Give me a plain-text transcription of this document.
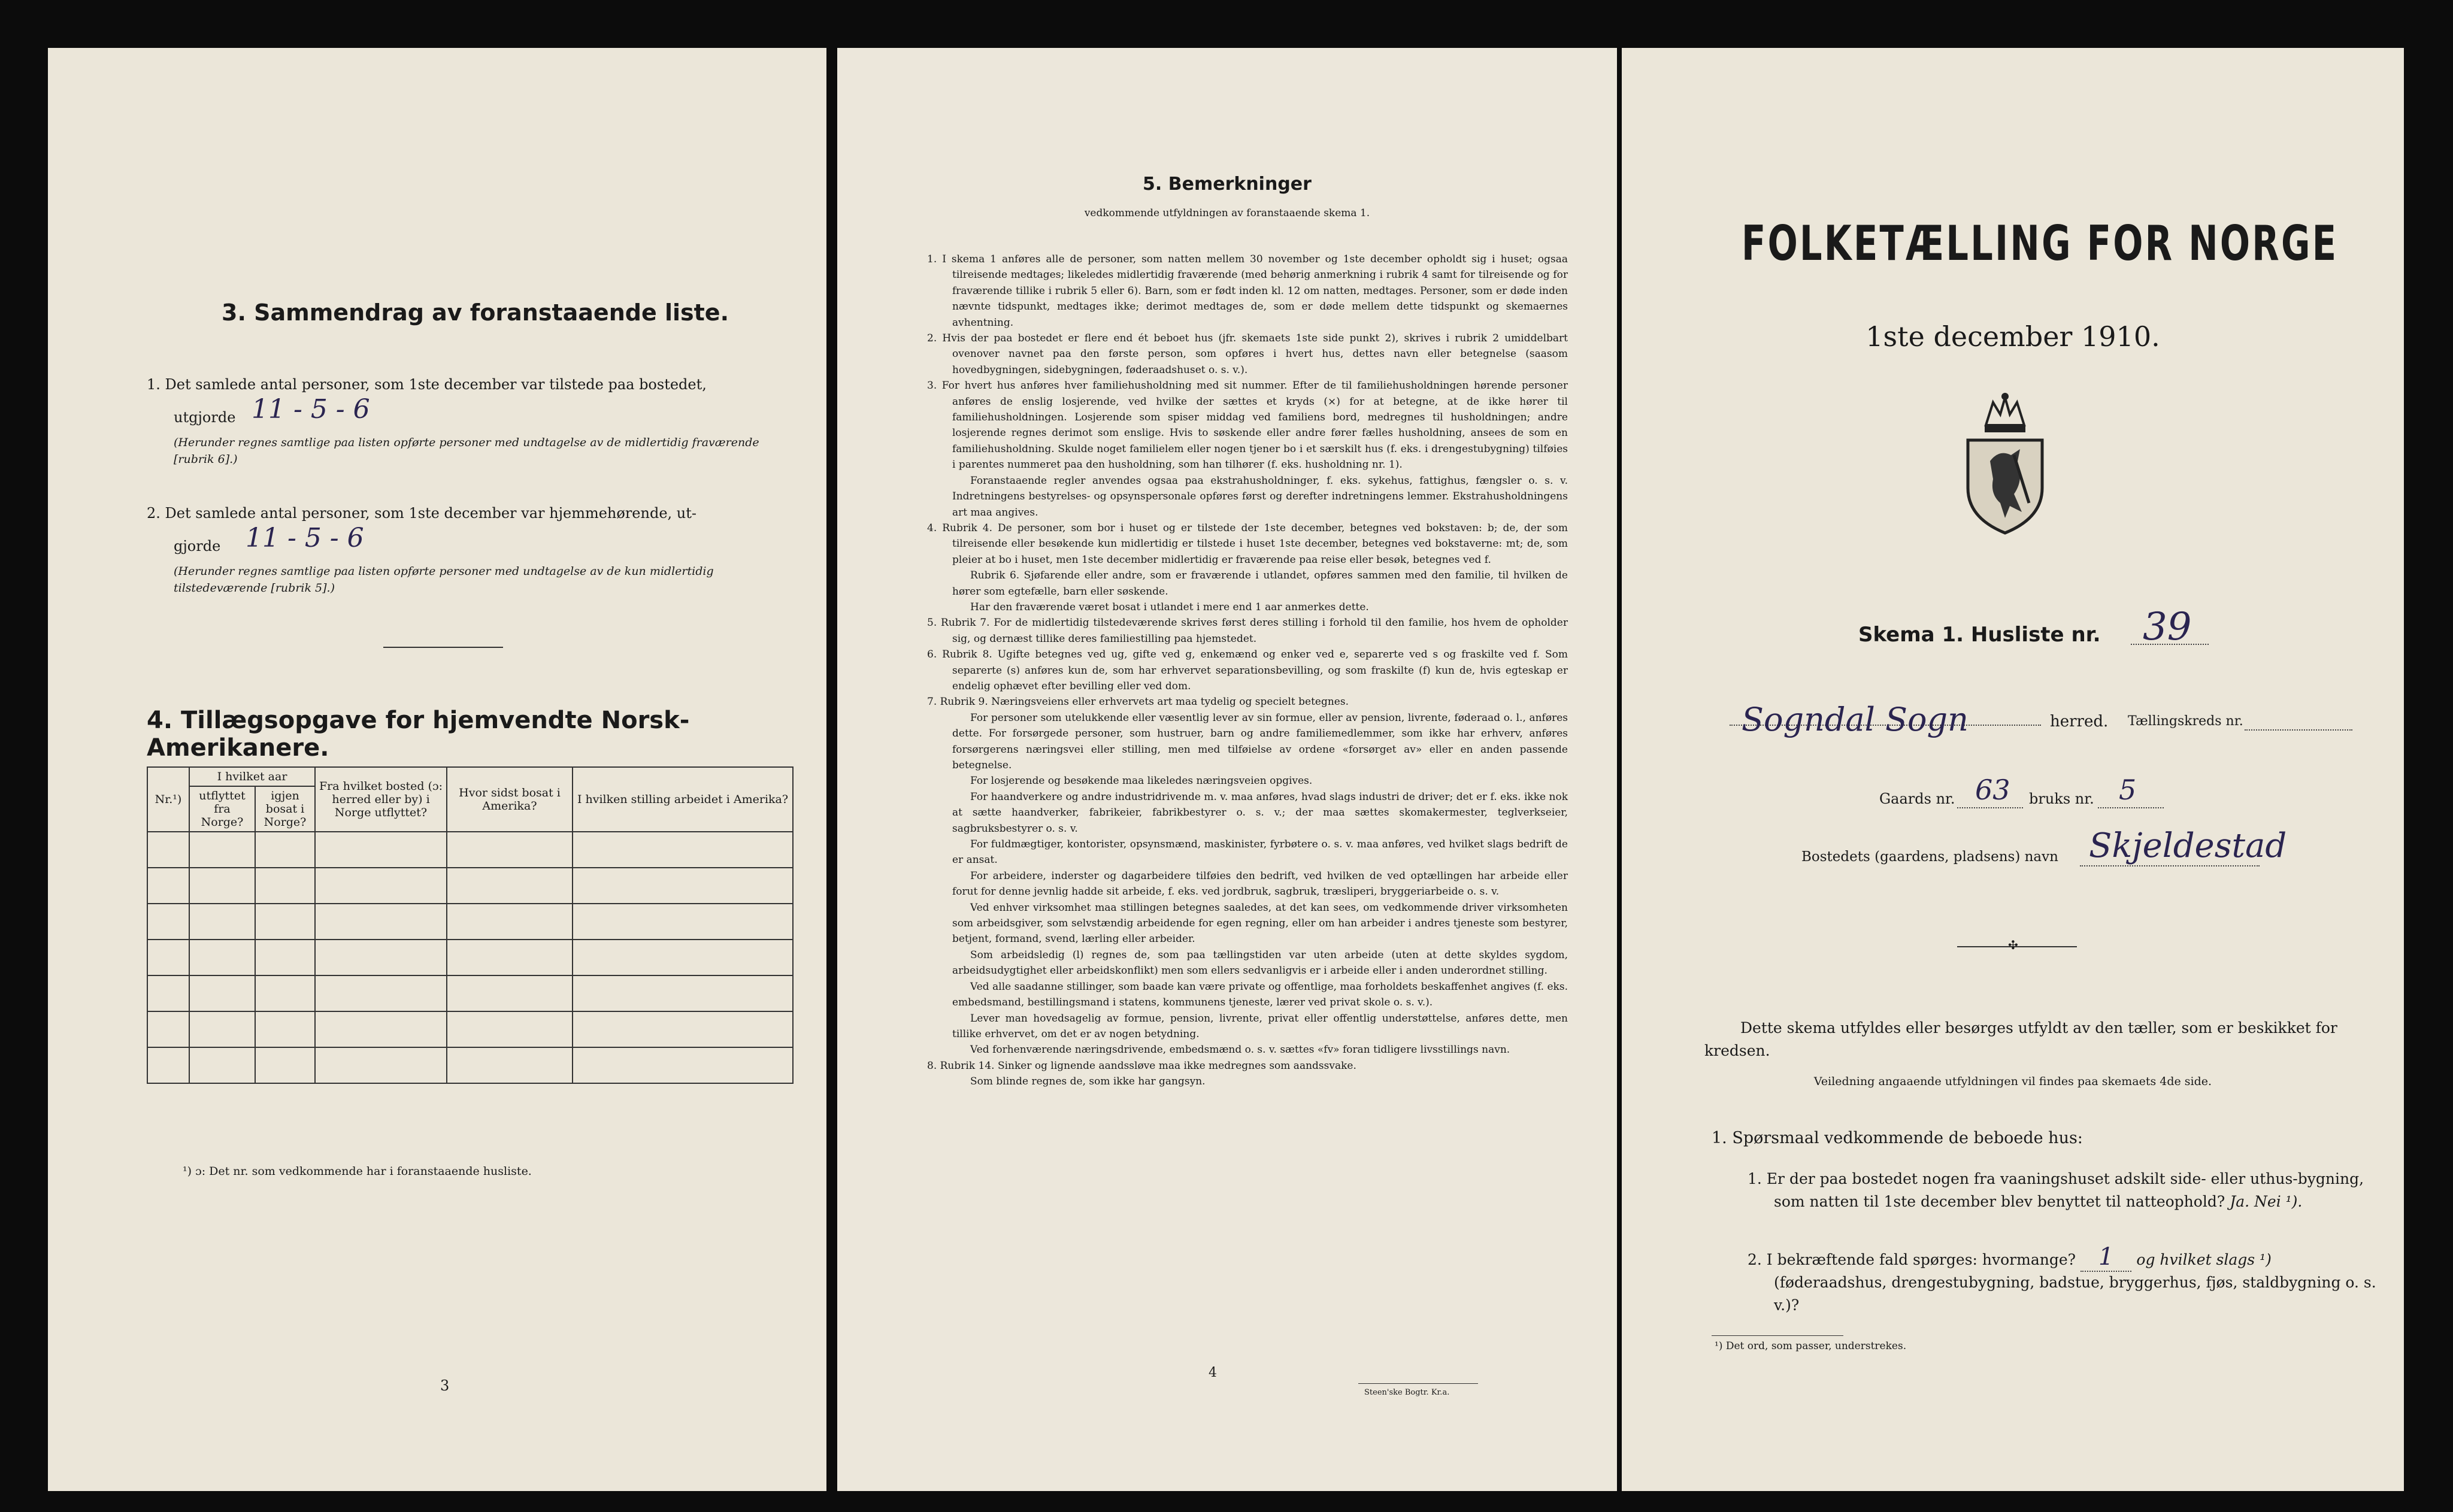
3. Sammendrag av foranstaaende liste.
1. Det samlede antal personer, som 1ste december var tilstede paa bostedet,
utgjorde 11 - 5 - 6
(Herunder regnes samtlige paa listen opførte personer med undtagelse av de midlertidig fraværende [rubrik 6].)
2. Det samlede antal personer, som 1ste december var hjemmehørende, ut-
gjorde 11 - 5 - 6
(Herunder regnes samtlige paa listen opførte personer med undtagelse av de kun midlertidig tilstedeværende [rubrik 5].)
4. Tillægsopgave for hjemvendte Norsk-Amerikanere.
Nr.¹)	I hvilket aar		Fra hvilket bosted (ɔ: herred eller by) i Norge utflyttet?	Hvor sidst bosat i Amerika?	I hvilken stilling arbeidet i Amerika?
	utflyttet fra Norge?	igjen bosat i Norge?			

¹) ɔ: Det nr. som vedkommende har i foranstaaende husliste.
3
5. Bemerkninger
vedkommende utfyldningen av foranstaaende skema 1.

1. I skema 1 anføres alle de personer, som natten mellem 30 november og 1ste december opholdt sig i huset; ogsaa tilreisende medtages; likeledes midlertidig fraværende (med behørig anmerkning i rubrik 4 samt for tilreisende og for fraværende tillike i rubrik 5 eller 6). Barn, som er født inden kl. 12 om natten, medtages. Personer, som er døde inden nævnte tidspunkt, medtages ikke; derimot medtages de, som er døde mellem dette tidspunkt og skemaernes avhentning.

2. Hvis der paa bostedet er flere end ét beboet hus (jfr. skemaets 1ste side punkt 2), skrives i rubrik 2 umiddelbart ovenover navnet paa den første person, som opføres i hvert hus, dettes navn eller betegnelse (saasom hovedbygningen, sidebygningen, føderaadshuset o. s. v.).

3. For hvert hus anføres hver familiehusholdning med sit nummer. Efter de til familiehusholdningen hørende personer anføres de enslig losjerende, ved hvilke der sættes et kryds (×) for at betegne, at de ikke hører til familiehusholdningen. Losjerende som spiser middag ved familiens bord, medregnes til husholdningen; andre losjerende regnes derimot som enslige. Hvis to søskende eller andre fører fælles husholdning, ansees de som en familiehusholdning. Skulde noget familielem eller nogen tjener bo i et særskilt hus (f. eks. i drengestubygning) tilføies i parentes nummeret paa den husholdning, som han tilhører (f. eks. husholdning nr. 1).

Foranstaaende regler anvendes ogsaa paa ekstrahusholdninger, f. eks. sykehus, fattighus, fængsler o. s. v. Indretningens bestyrelses- og opsynspersonale opføres først og derefter indretningens lemmer. Ekstrahusholdningens art maa angives.

4. Rubrik 4. De personer, som bor i huset og er tilstede der 1ste december, betegnes ved bokstaven: b; de, der som tilreisende eller besøkende kun midlertidig er tilstede i huset 1ste december, betegnes ved bokstaverne: mt; de, som pleier at bo i huset, men 1ste december midlertidig er fraværende paa reise eller besøk, betegnes ved f.

Rubrik 6. Sjøfarende eller andre, som er fraværende i utlandet, opføres sammen med den familie, til hvilken de hører som egtefælle, barn eller søskende.

Har den fraværende været bosat i utlandet i mere end 1 aar anmerkes dette.

5. Rubrik 7. For de midlertidig tilstedeværende skrives først deres stilling i forhold til den familie, hos hvem de opholder sig, og dernæst tillike deres familiestilling paa hjemstedet.

6. Rubrik 8. Ugifte betegnes ved ug, gifte ved g, enkemænd og enker ved e, separerte ved s og fraskilte ved f. Som separerte (s) anføres kun de, som har erhvervet separationsbevilling, og som fraskilte (f) kun de, hvis egteskap er endelig ophævet efter bevilling eller ved dom.

7. Rubrik 9. Næringsveiens eller erhvervets art maa tydelig og specielt betegnes.

For personer som utelukkende eller væsentlig lever av sin formue, eller av pension, livrente, føderaad o. l., anføres dette. For forsørgede personer, som hustruer, barn og andre familiemedlemmer, som ikke har erhverv, anføres forsørgerens næringsvei eller stilling, men med tilføielse av ordene «forsørget av» eller en anden passende betegnelse.

For losjerende og besøkende maa likeledes næringsveien opgives.

For haandverkere og andre industridrivende m. v. maa anføres, hvad slags industri de driver; det er f. eks. ikke nok at sætte haandverker, fabrikeier, fabrikbestyrer o. s. v.; der maa sættes skomakermester, teglverkseier, sagbruksbestyrer o. s. v.

For fuldmægtiger, kontorister, opsynsmænd, maskinister, fyrbøtere o. s. v. maa anføres, ved hvilket slags bedrift de er ansat.

For arbeidere, inderster og dagarbeidere tilføies den bedrift, ved hvilken de ved optællingen har arbeide eller forut for denne jevnlig hadde sit arbeide, f. eks. ved jordbruk, sagbruk, træsliperi, bryggeriarbeide o. s. v.

Ved enhver virksomhet maa stillingen betegnes saaledes, at det kan sees, om vedkommende driver virksomheten som arbeidsgiver, som selvstændig arbeidende for egen regning, eller om han arbeider i andres tjeneste som bestyrer, betjent, formand, svend, lærling eller arbeider.

Som arbeidsledig (l) regnes de, som paa tællingstiden var uten arbeide (uten at dette skyldes sygdom, arbeidsudygtighet eller arbeidskonflikt) men som ellers sedvanligvis er i arbeide eller i anden underordnet stilling.

Ved alle saadanne stillinger, som baade kan være private og offentlige, maa forholdets beskaffenhet angives (f. eks. embedsmand, bestillingsmand i statens, kommunens tjeneste, lærer ved privat skole o. s. v.).

Lever man hovedsagelig av formue, pension, livrente, privat eller offentlig understøttelse, anføres dette, men tillike erhvervet, om det er av nogen betydning.

Ved forhenværende næringsdrivende, embedsmænd o. s. v. sættes «fv» foran tidligere livsstillings navn.

8. Rubrik 14. Sinker og lignende aandssløve maa ikke medregnes som aandssvake.

Som blinde regnes de, som ikke har gangsyn.

4
Steen'ske Bogtr. Kr.a.
FOLKETÆLLING FOR NORGE
1ste december 1910.
Skema 1. Husliste nr. 39
Sogndal Sogn	herred. Tællingskreds nr.
Gaards nr. 63 bruks nr. 5
Bostedets (gaardens, pladsens) navn Skjeldestad
✣
Dette skema utfyldes eller besørges utfyldt av den tæller, som er beskikket for kredsen.
Veiledning angaaende utfyldningen vil findes paa skemaets 4de side.
1. Spørsmaal vedkommende de beboede hus:
1. Er der paa bostedet nogen fra vaaningshuset adskilt side- eller uthus-bygning, som natten til 1ste december blev benyttet til natteophold? Ja. Nei ¹).
2. I bekræftende fald spørges: hvormange? 1 og hvilket slags ¹) (føderaadshus, drengestubygning, badstue, bryggerhus, fjøs, staldbygning o. s. v.)?
¹) Det ord, som passer, understrekes.
